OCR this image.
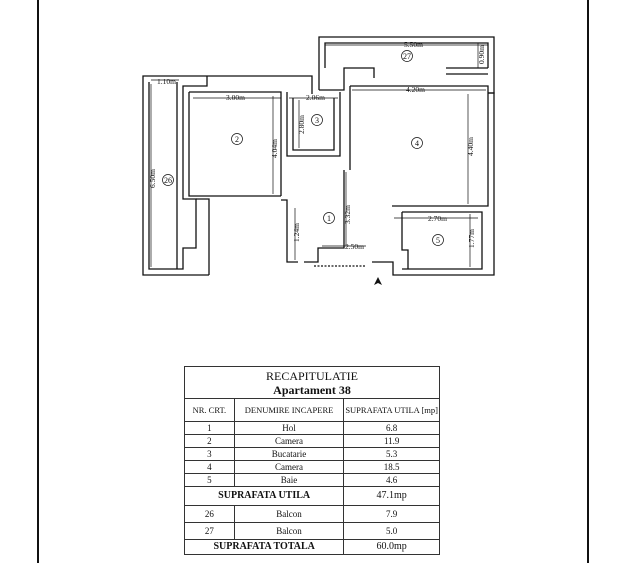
5.50m
0.90m
1.10m
3.00m	2.06m
4.20m
2.80m
4.04m	4.40m
6.50m
3.32m	2.70m
1.24m
2.50m	1.77m
1
2
3
4
5
26
27
RECAPITULATIE
Apartament 38		

NR. CRT.	DENUMIRE INCAPERE	SUPRAFATA UTILA [mp]
1	Hol	6.8
2	Camera	11.9
3	Bucatarie	5.3
4	Camera	18.5
5	Baie	4.6
SUPRAFATA UTILA		47.1mp
26	Balcon	7.9
27	Balcon	5.0
SUPRAFATA TOTALA		60.0mp
